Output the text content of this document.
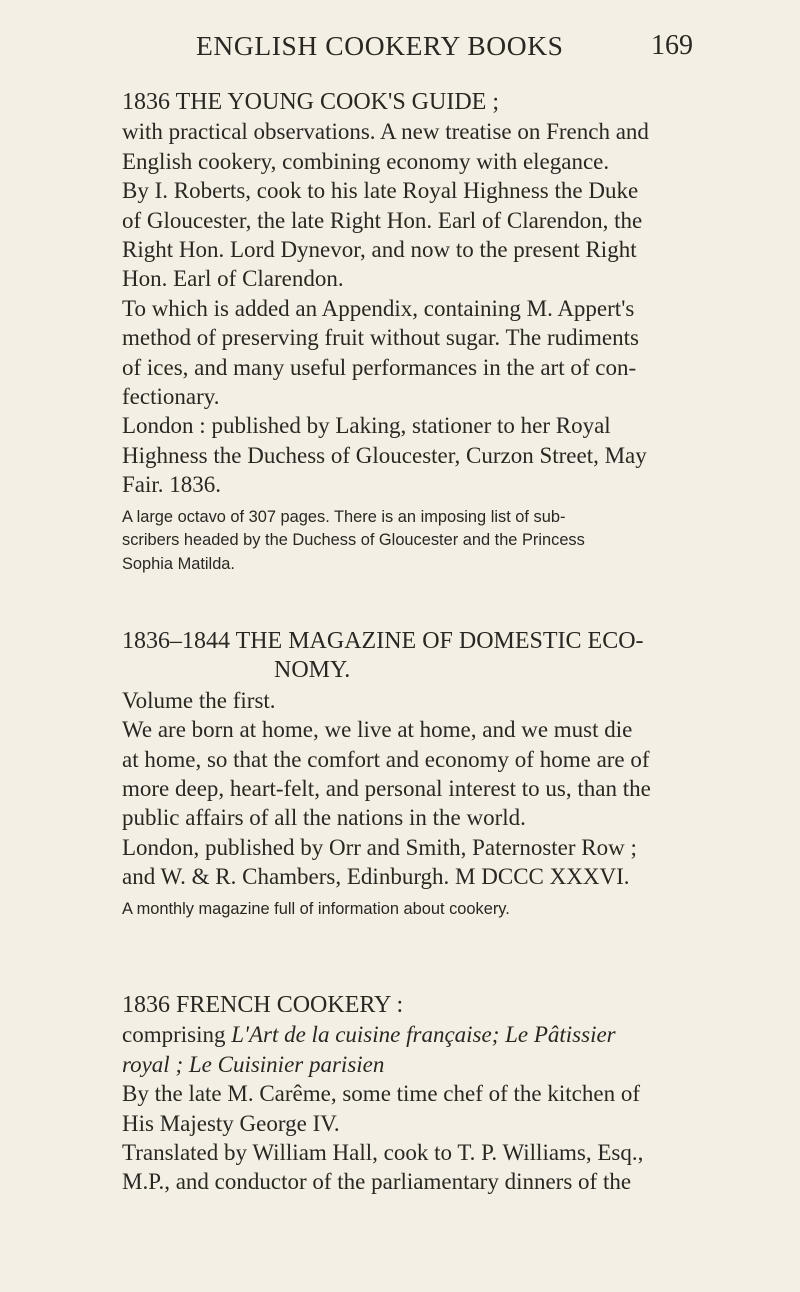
ENGLISH COOKERY BOOKS	169
1836 THE YOUNG COOK'S GUIDE ;
with practical observations. A new treatise on French and
English cookery, combining economy with elegance.
By I. Roberts, cook to his late Royal Highness the Duke
of Gloucester, the late Right Hon. Earl of Clarendon, the
Right Hon. Lord Dynevor, and now to the present Right
Hon. Earl of Clarendon.
To which is added an Appendix, containing M. Appert's
method of preserving fruit without sugar. The rudiments
of ices, and many useful performances in the art of con-
fectionary.
London : published by Laking, stationer to her Royal
Highness the Duchess of Gloucester, Curzon Street, May
Fair. 1836.
A large octavo of 307 pages. There is an imposing list of sub-
scribers headed by the Duchess of Gloucester and the Princess
Sophia Matilda.
1836–1844 THE MAGAZINE OF DOMESTIC ECO-
NOMY.
Volume the first.
We are born at home, we live at home, and we must die
at home, so that the comfort and economy of home are of
more deep, heart-felt, and personal interest to us, than the
public affairs of all the nations in the world.
London, published by Orr and Smith, Paternoster Row ;
and W. & R. Chambers, Edinburgh. M DCCC XXXVI.
A monthly magazine full of information about cookery.
1836 FRENCH COOKERY :
comprising L'Art de la cuisine française; Le Pâtissier
royal ; Le Cuisinier parisien
By the late M. Carême, some time chef of the kitchen of
His Majesty George IV.
Translated by William Hall, cook to T. P. Williams, Esq.,
M.P., and conductor of the parliamentary dinners of the
